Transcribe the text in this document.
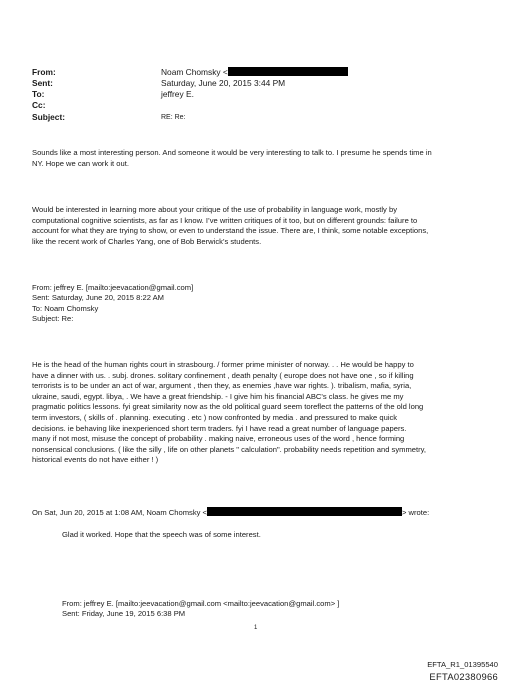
From:	Noam Chomsky <
Sent:	Saturday, June 20, 2015 3:44 PM
To:	jeffrey E.
Cc:
Subject:	RE: Re:
Sounds like a most interesting person. And someone it would be very interesting to talk to. I presume he spends time in
NY. Hope we can work it out.
Would be interested in learning more about your critique of the use of probability in language work, mostly by
computational cognitive scientists, as far as I know. I’ve written critiques of it too, but on different grounds: failure to
account for what they are trying to show, or even to understand the issue. There are, I think, some notable exceptions,
like the recent work of Charles Yang, one of Bob Berwick’s students.
From: jeffrey E. [mailto:jeevacation@gmail.com]
Sent: Saturday, June 20, 2015 8:22 AM
To: Noam Chomsky
Subject: Re:
He is the head of the human rights court in strasbourg. / former prime minister of norway. . . He would be happy to
have a dinner with us. . subj. drones. solitary confinement , death penalty ( europe does not have one , so if killing
terrorists is to be under an act of war, argument , then they, as enemies ,have war rights. ). tribalism, mafia, syria,
ukraine, saudi, egypt. libya, . We have a great friendship. - I give him his financial ABC's class. he gives me my
pragmatic politics lessons. fyi great similarity now as the old political guard seem toreflect the patterns of the old long
term investors, ( skills of . planning. executing . etc ) now confronted by media . and pressured to make quick
decisions. ie behaving like inexperienced short term traders. fyi I have read a great number of language papers.
many if not most, misuse the concept of probability . making naive, erroneous uses of the word , hence forming
nonsensical conclusions. ( like the silly , life on other planets " calculation". probability needs repetition and symmetry,
historical events do not have either ! )
On Sat, Jun 20, 2015 at 1:08 AM, Noam Chomsky <	> wrote:
Glad it worked. Hope that the speech was of some interest.
From: jeffrey E. [mailto:jeevacation@gmail.com <mailto:jeevacation@gmail.com> ]
Sent: Friday, June 19, 2015 6:38 PM
1
EFTA_R1_01395540
EFTA02380966
